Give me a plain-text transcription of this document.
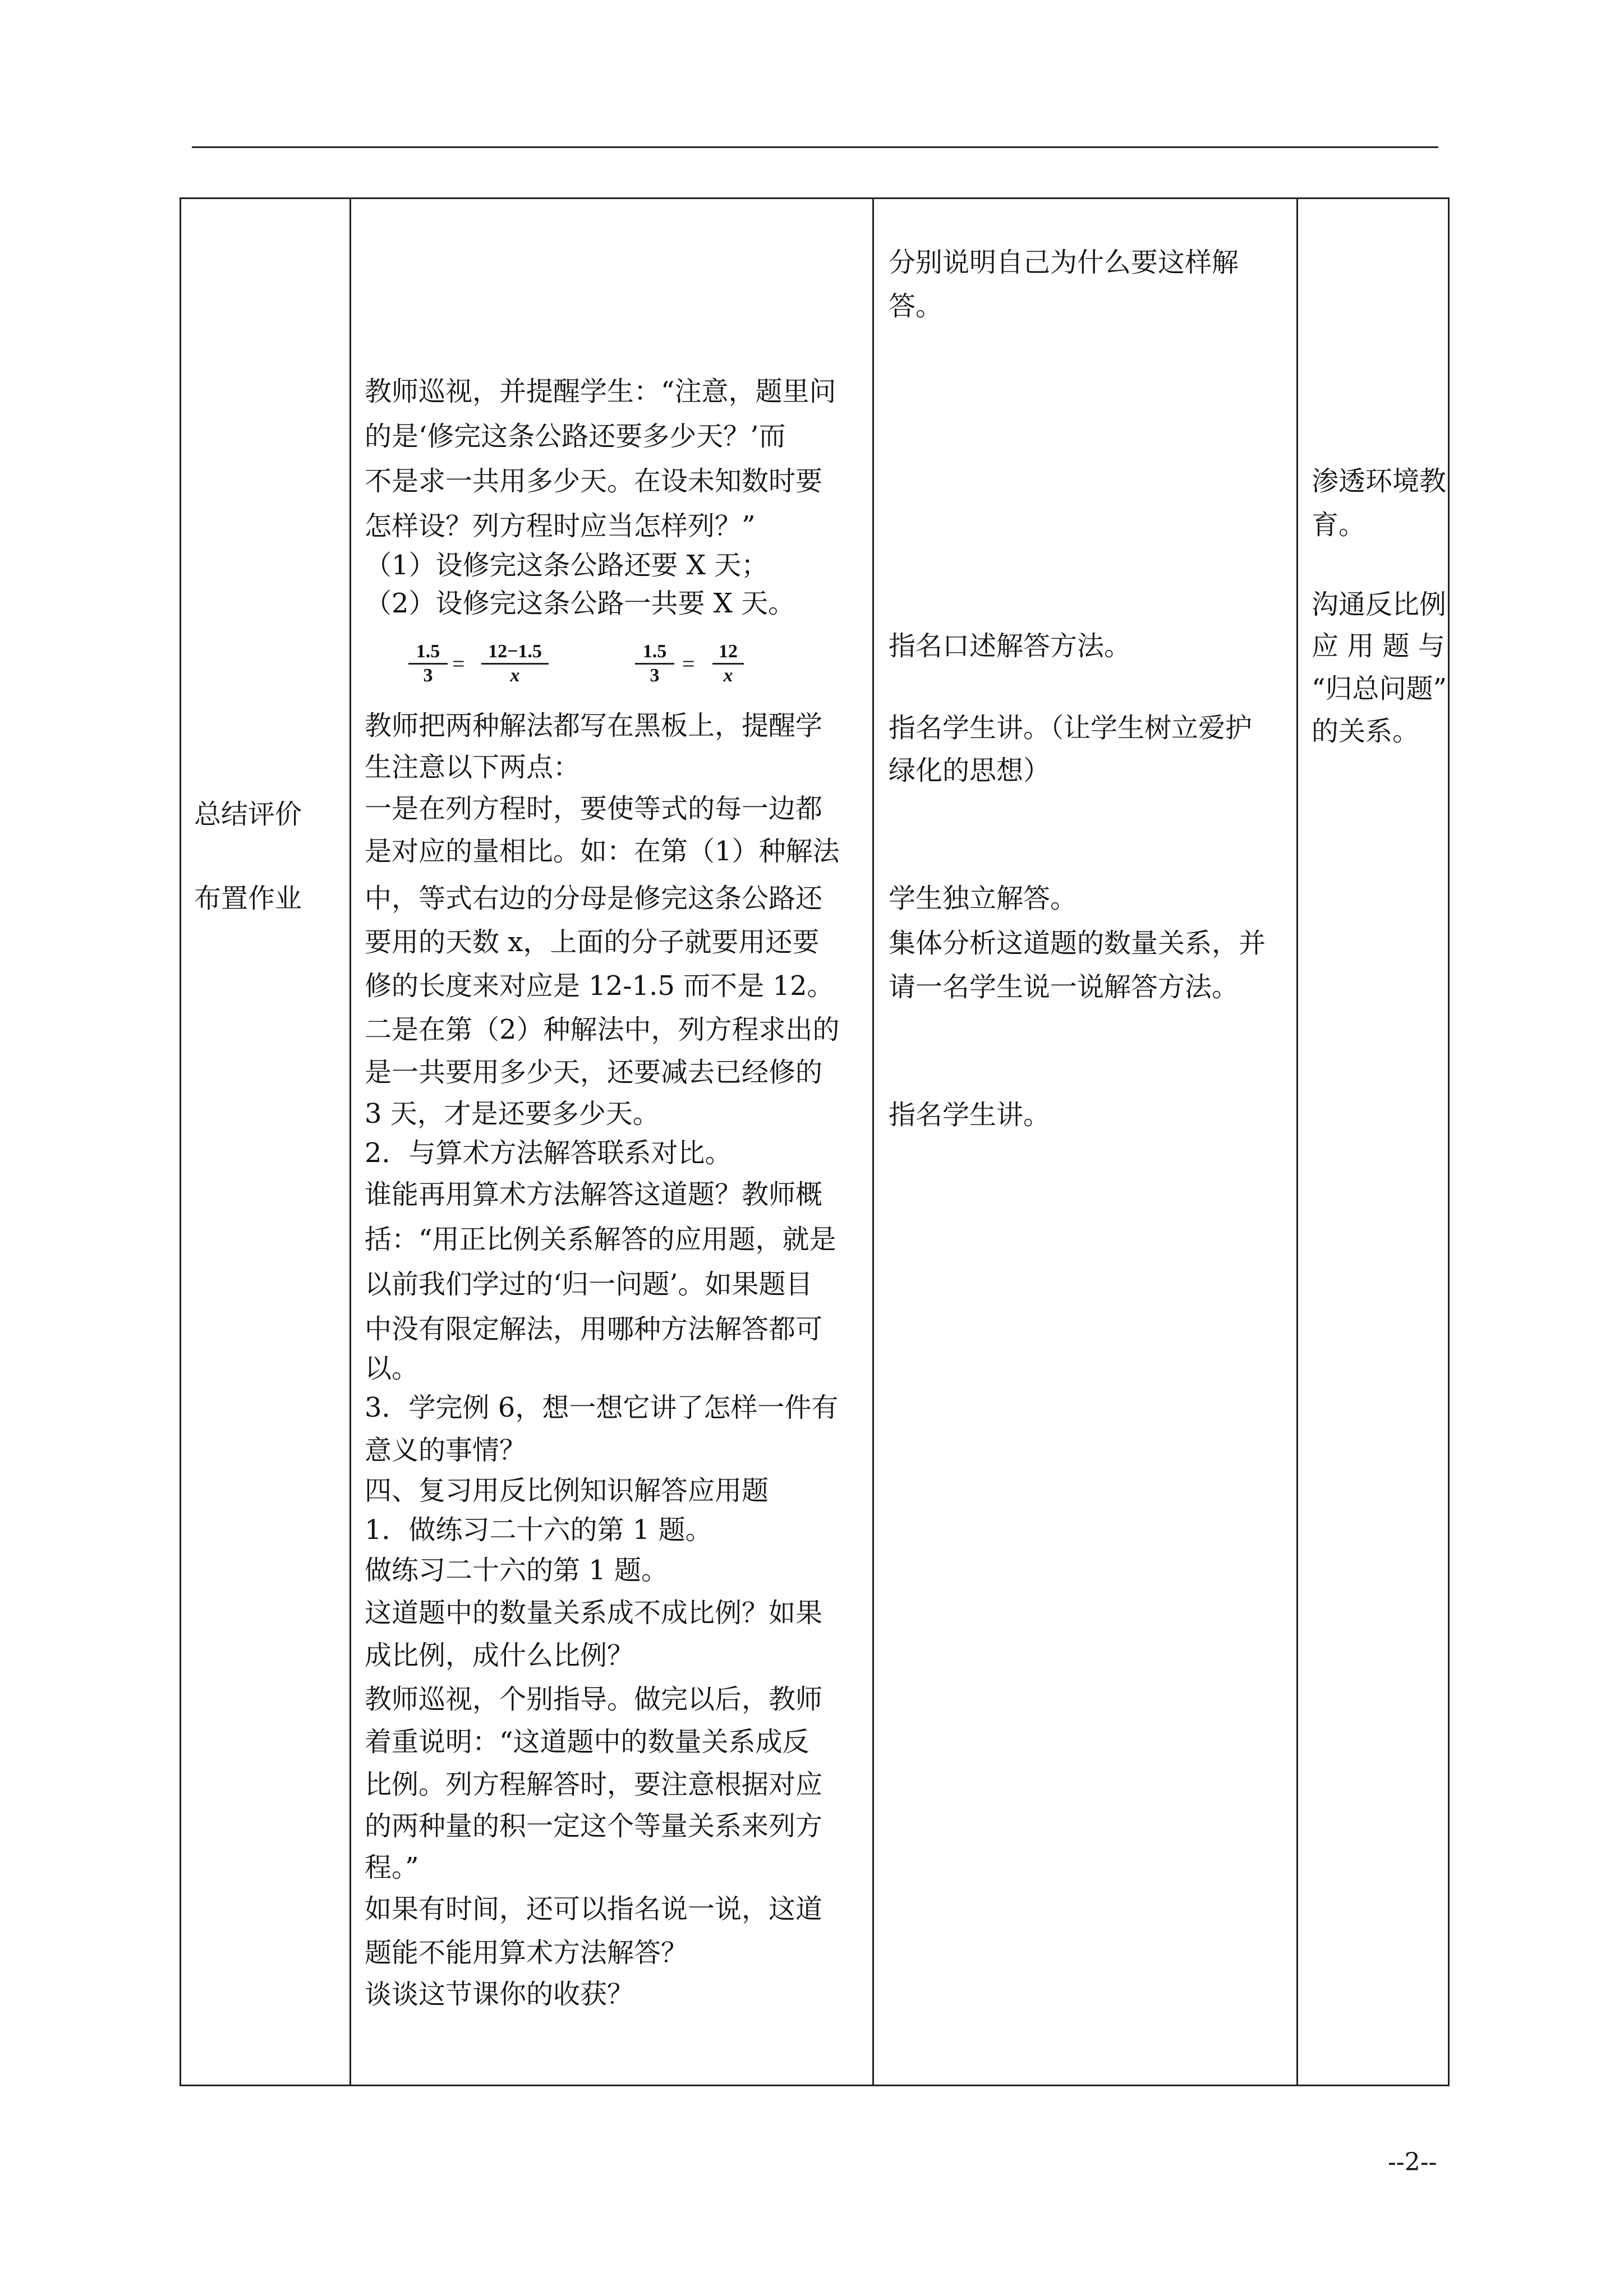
总结评价
布置作业
教师巡视，并提醒学生：“注意，题里问
的是‘修完这条公路还要多少天？’而
不是求一共用多少天。在设未知数时要
怎样设？列方程时应当怎样列？”
（1）设修完这条公路还要 X 天；
（2）设修完这条公路一共要 X 天。
$\frac{1.5}{3} = \frac{12-1.5}{x}$	$\frac{1.5}{3} = \frac{12}{x}$
教师把两种解法都写在黑板上，提醒学
生注意以下两点：
一是在列方程时，要使等式的每一边都
是对应的量相比。如：在第（1）种解法
中，等式右边的分母是修完这条公路还
要用的天数 x，上面的分子就要用还要
修的长度来对应是 12-1.5 而不是 12。
二是在第（2）种解法中，列方程求出的
是一共要用多少天，还要减去已经修的
3 天，才是还要多少天。
2．与算术方法解答联系对比。
谁能再用算术方法解答这道题？教师概
括：“用正比例关系解答的应用题，就是
以前我们学过的‘归一问题’。如果题目
中没有限定解法，用哪种方法解答都可
以。
3．学完例 6，想一想它讲了怎样一件有
意义的事情？
四、复习用反比例知识解答应用题
1．做练习二十六的第 1 题。
做练习二十六的第 1 题。
这道题中的数量关系成不成比例？如果
成比例，成什么比例？
教师巡视，个别指导。做完以后，教师
着重说明：“这道题中的数量关系成反
比例。列方程解答时，要注意根据对应
的两种量的积一定这个等量关系来列方
程。”
如果有时间，还可以指名说一说，这道
题能不能用算术方法解答？
谈谈这节课你的收获？
分别说明自己为什么要这样解
答。
指名口述解答方法。
指名学生讲。（让学生树立爱护
绿化的思想）
学生独立解答。
集体分析这道题的数量关系，并
请一名学生说一说解答方法。
指名学生讲。
渗透环境教
育。
沟通反比例
应 用 题 与
“归总问题”
的关系。
--2--
